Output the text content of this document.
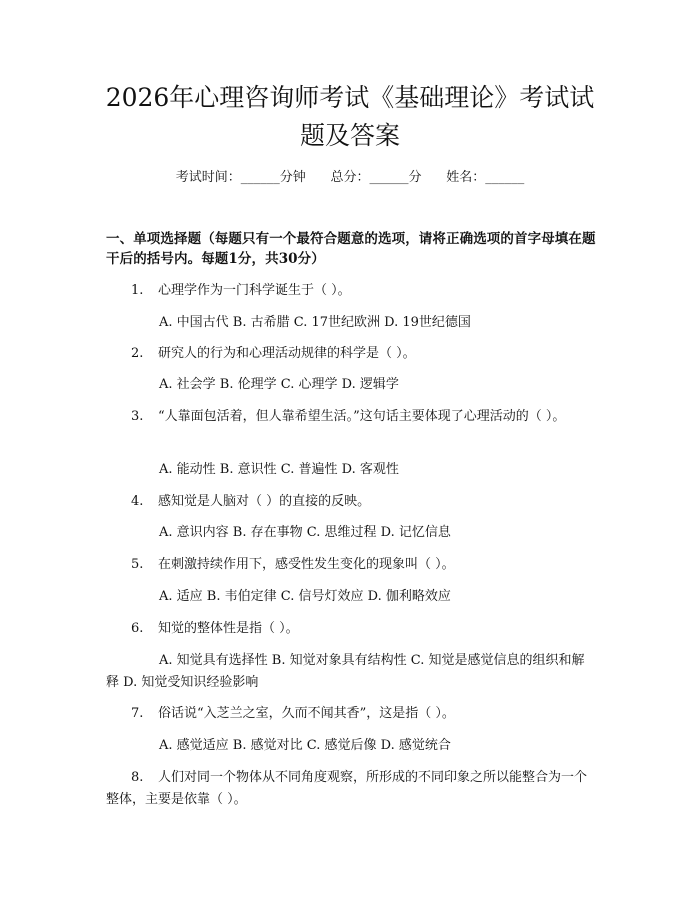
2026年心理咨询师考试《基础理论》考试试
题及答案
考试时间：______分钟      总分：______分      姓名：______
一、单项选择题（每题只有一个最符合题意的选项，请将正确选项的首字母填在题干后的括号内。每题1分，共30分）
1. 心理学作为一门科学诞生于（ ）。
A. 中国古代 B. 古希腊 C. 17世纪欧洲 D. 19世纪德国
2. 研究人的行为和心理活动规律的科学是（ ）。
A. 社会学 B. 伦理学 C. 心理学 D. 逻辑学
3. “人靠面包活着，但人靠希望生活。”这句话主要体现了心理活动的（ ）。
A. 能动性 B. 意识性 C. 普遍性 D. 客观性
4. 感知觉是人脑对（ ）的直接的反映。
A. 意识内容 B. 存在事物 C. 思维过程 D. 记忆信息
5. 在刺激持续作用下，感受性发生变化的现象叫（ ）。
A. 适应 B. 韦伯定律 C. 信号灯效应 D. 伽利略效应
6. 知觉的整体性是指（ ）。
A. 知觉具有选择性 B. 知觉对象具有结构性 C. 知觉是感觉信息的组织和解释 D. 知觉受知识经验影响
7. 俗话说“入芝兰之室，久而不闻其香”，这是指（ ）。
A. 感觉适应 B. 感觉对比 C. 感觉后像 D. 感觉统合
8. 人们对同一个物体从不同角度观察，所形成的不同印象之所以能整合为一个整体，主要是依靠（ ）。
